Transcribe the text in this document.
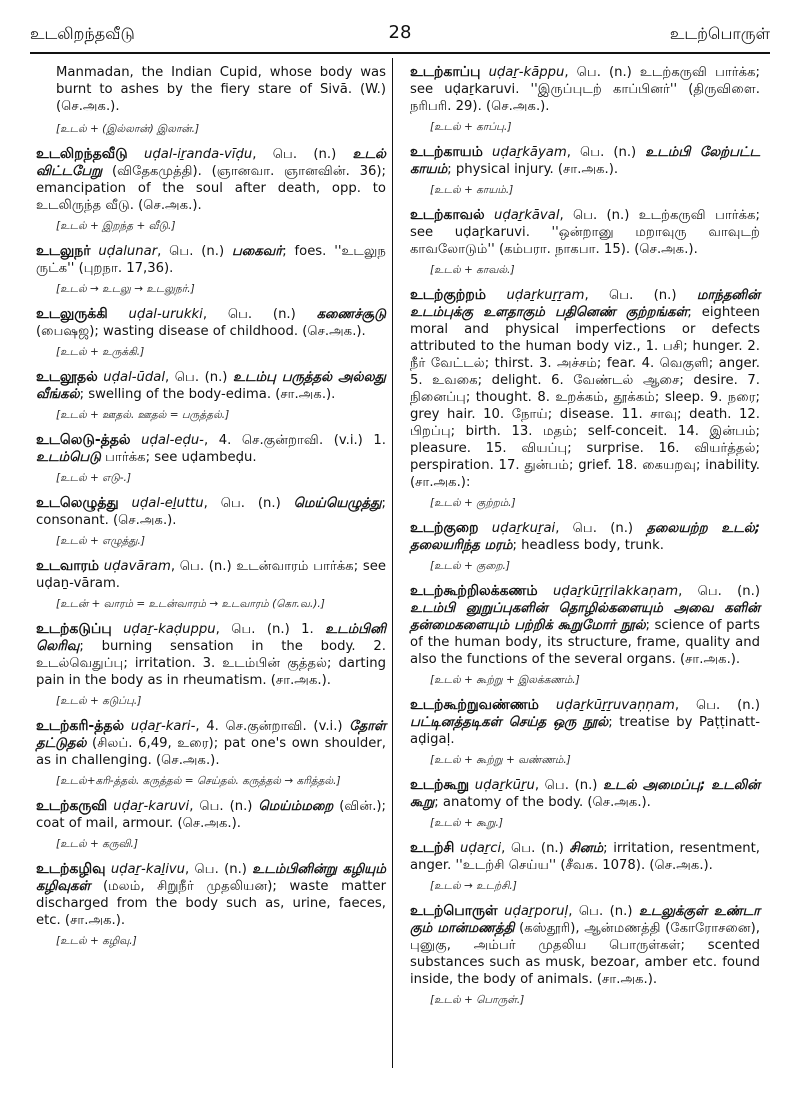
உடலிறந்தவீடு	28	உடற்பொருள்
Manmadan, the Indian Cupid, whose body was burnt to ashes by the fiery stare of Sivā. (W.) (செ.அக.).
[உடல் + (இல்லான்) இலான்.]
உடலிறந்தவீடு uḍal-iṟanda-vīḍu, பெ. (n.) உடல் விட்டபேறு (விதேகமுத்தி). (ஞானவா. ஞானவின். 36); emancipation of the soul after death, opp. to உடலிருந்த வீடு. (செ.அக.).
[உடல் + இறந்த + வீடு.]
உடலுநர் uḍalunar, பெ. (n.) பகைவர்; foes. ''உடலுந ருட்க'' (புறநா. 17,36).
[உடல் → உடலு → உடலுநர்.]
உடலுருக்கி uḍal-urukki, பெ. (n.) கணைச்சூடு (பைஷஜ); wasting disease of childhood. (செ.அக.).
[உடல் + உருக்கி.]
உடலூதல் uḍal-ūdal, பெ. (n.) உடம்பு பருத்தல் அல்லது வீங்கல்; swelling of the body-edima. (சா.அக.).
[உடல் + ஊதல். ஊதல் = பருத்தல்.]
உடலெடு-த்தல் uḍal-eḍu-, 4. செ.குன்றாவி. (v.i.) 1. உடம்பெடு பார்க்க; see uḍambeḍu.
[உடல் + எடு-.]
உடலெழுத்து uḍal-eḻuttu, பெ. (n.) மெய்யெழுத்து; consonant. (செ.அக.).
[உடல் + எழுத்து.]
உடவாரம் uḍavāram, பெ. (n.) உடன்வாரம் பார்க்க; see uḍaṉ-vāram.
[உடன் + வாரம் = உடன்வாரம் → உடவாரம் (கொ.வ.).]
உடற்கடுப்பு uḍaṟ-kaḍuppu, பெ. (n.) 1. உடம்பினி லெரிவு; burning sensation in the body. 2. உடல்வெதுப்பு; irritation. 3. உடம்பின் குத்தல்; darting pain in the body as in rheumatism. (சா.அக.).
[உடல் + கடுப்பு.]
உடற்கரி-த்தல் uḍaṟ-kari-, 4. செ.குன்றாவி. (v.i.) தோள் தட்டுதல் (சிலப். 6,49, உரை); pat one's own shoulder, as in challenging. (செ.அக.).
[உடல்+கரி-த்தல். கருத்தல் = செய்தல். கருத்தல் → கரித்தல்.]
உடற்கருவி uḍaṟ-karuvi, பெ. (n.) மெய்ம்மறை (வின்.); coat of mail, armour. (செ.அக.).
[உடல் + கருவி.]
உடற்கழிவு uḍaṟ-kaḻivu, பெ. (n.) உடம்பினின்று கழியும் கழிவுகள் (மலம், சிறுநீர் முதலியன); waste matter discharged from the body such as, urine, faeces, etc. (சா.அக.).
[உடல் + கழிவு.]
உடற்காப்பு uḍaṟ-kāppu, பெ. (n.) உடற்கருவி பார்க்க; see uḍaṟkaruvi. ''இருப்புடற் காப்பினர்'' (திருவிளை. நரிபரி. 29). (செ.அக.).
[உடல் + காப்பு.]
உடற்காயம் uḍaṟkāyam, பெ. (n.) உடம்பி லேற்பட்ட காயம்; physical injury. (சா.அக.).
[உடல் + காயம்.]
உடற்காவல் uḍaṟkāval, பெ. (n.) உடற்கருவி பார்க்க; see uḍaṟkaruvi. ''ஒன்றானு மறாவுரு வாவுடற் காவலோடும்'' (கம்பரா. நாகபா. 15). (செ.அக.).
[உடல் + காவல்.]
உடற்குற்றம் uḍaṟkuṟṟam, பெ. (n.) மாந்தனின் உடம்புக்கு உளதாகும் பதினெண் குற்றங்கள்; eighteen moral and physical imperfections or defects attributed to the human body viz., 1. பசி; hunger. 2. நீர் வேட்டல்; thirst. 3. அச்சம்; fear. 4. வெகுளி; anger. 5. உவகை; delight. 6. வேண்டல் ஆசை; desire. 7. நினைப்பு; thought. 8. உறக்கம், தூக்கம்; sleep. 9. நரை; grey hair. 10. நோய்; disease. 11. சாவு; death. 12. பிறப்பு; birth. 13. மதம்; self-conceit. 14. இன்பம்; pleasure. 15. வியப்பு; surprise. 16. வியர்த்தல்; perspiration. 17. துன்பம்; grief. 18. கையறவு; inability. (சா.அக.):
[உடல் + குற்றம்.]
உடற்குறை uḍaṟkuṟai, பெ. (n.) தலையற்ற உடல்; தலையரிந்த மரம்; headless body, trunk.
[உடல் + குறை.]
உடற்கூற்றிலக்கணம் uḍaṟkūṟṟilakkaṇam, பெ. (n.) உடம்பி னுறுப்புகளின் தொழில்களையும் அவை களின் தன்மைகளையும் பற்றிக் கூறுமோர் நூல்; science of parts of the human body, its structure, frame, quality and also the functions of the several organs. (சா.அக.).
[உடல் + கூற்று + இலக்கணம்.]
உடற்கூற்றுவண்ணம் uḍaṟkūṟṟuvaṇṇam, பெ. (n.) பட்டினத்தடிகள் செய்த ஒரு நூல்; treatise by Paṭṭinatt-aḍigaḷ.
[உடல் + கூற்று + வண்ணம்.]
உடற்கூறு uḍaṟkūṟu, பெ. (n.) உடல் அமைப்பு; உடலின் கூறு; anatomy of the body. (செ.அக.).
[உடல் + கூறு.]
உடற்சி uḍaṟci, பெ. (n.) சினம்; irritation, resentment, anger. ''உடற்சி செய்ய'' (சீவக. 1078). (செ.அக.).
[உடல் → உடற்சி.]
உடற்பொருள் uḍaṟporuḷ, பெ. (n.) உடலுக்குள் உண்டா கும் மான்மணத்தி (கஸ்தூரி), ஆன்மணத்தி (கோரோசனை), புனுகு, அம்பர் முதலிய பொருள்கள்; scented substances such as musk, bezoar, amber etc. found inside, the body of animals. (சா.அக.).
[உடல் + பொருள்.]
